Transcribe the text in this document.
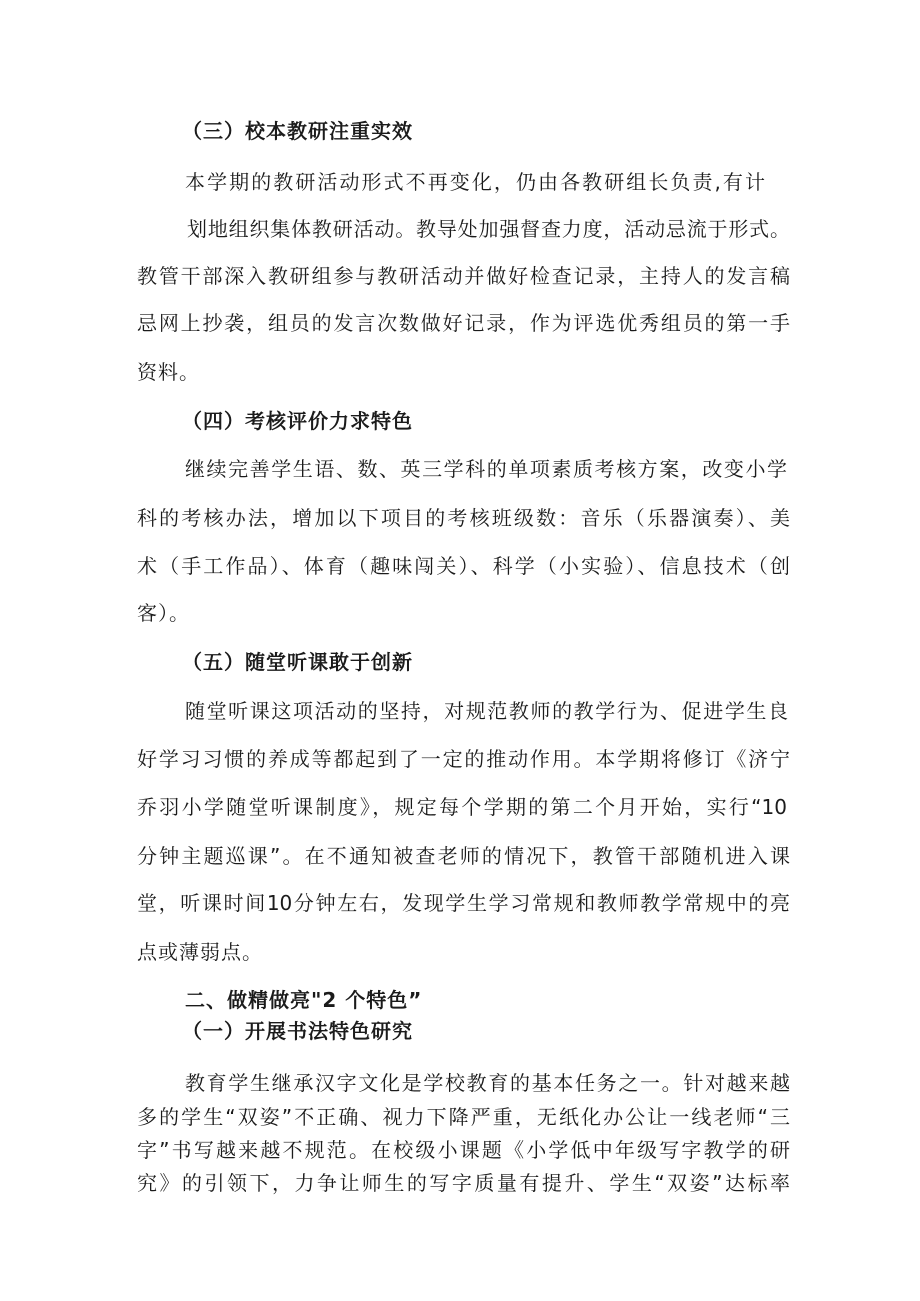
（三）校本教研注重实效
本学期的教研活动形式不再变化，仍由各教研组长负责,有计
划地组织集体教研活动。教导处加强督查力度，活动忌流于形式。
教管干部深入教研组参与教研活动并做好检查记录，主持人的发言稿
忌网上抄袭，组员的发言次数做好记录，作为评选优秀组员的第一手
资料。
（四）考核评价力求特色
继续完善学生语、数、英三学科的单项素质考核方案，改变小学
科的考核办法，增加以下项目的考核班级数：音乐（乐器演奏）、美
术（手工作品）、体育（趣味闯关）、科学（小实验）、信息技术（创
客）。
（五）随堂听课敢于创新
随堂听课这项活动的坚持，对规范教师的教学行为、促进学生良
好学习习惯的养成等都起到了一定的推动作用。本学期将修订《济宁
乔羽小学随堂听课制度》，规定每个学期的第二个月开始，实行“10
分钟主题巡课”。在不通知被查老师的情况下，教管干部随机进入课
堂，听课时间10分钟左右，发现学生学习常规和教师教学常规中的亮
点或薄弱点。
二、做精做亮"2 个特色”
（一）开展书法特色研究
教育学生继承汉字文化是学校教育的基本任务之一。针对越来越
多的学生“双姿”不正确、视力下降严重，无纸化办公让一线老师“三
字”书写越来越不规范。在校级小课题《小学低中年级写字教学的研
究》的引领下，力争让师生的写字质量有提升、学生“双姿”达标率
